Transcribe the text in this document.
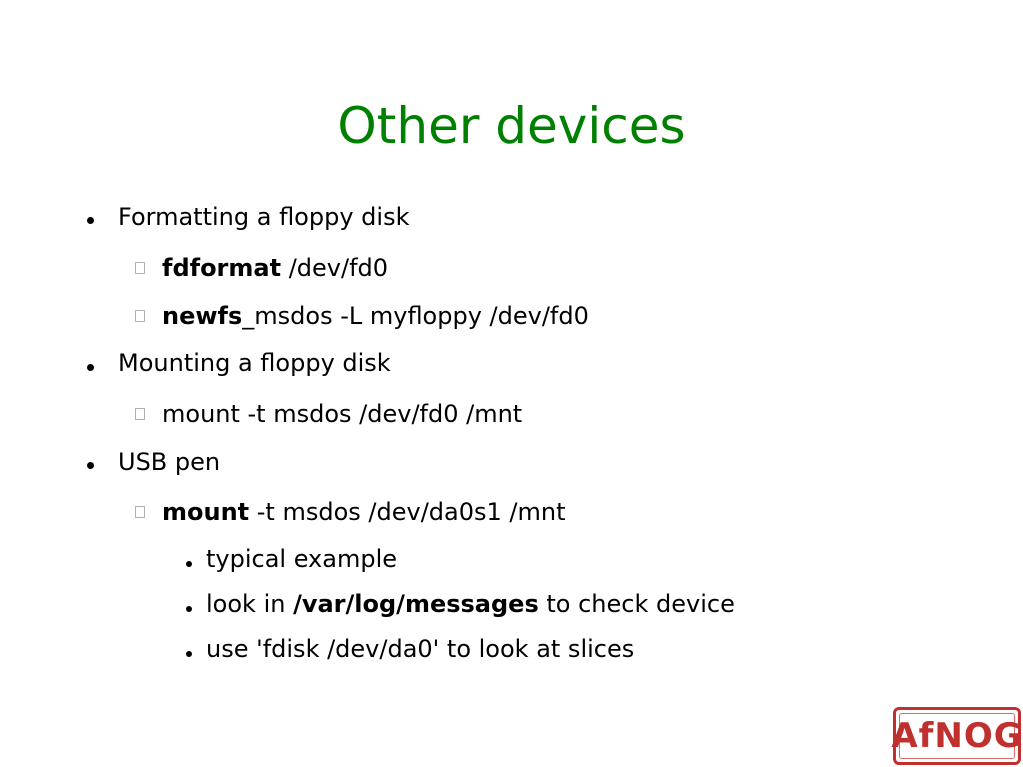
Other devices
Formatting a floppy disk
fdformat /dev/fd0
newfs_msdos -L myfloppy /dev/fd0
Mounting a floppy disk
mount -t msdos /dev/fd0 /mnt
USB pen
mount -t msdos /dev/da0s1 /mnt
typical example
look in /var/log/messages to check device
use 'fdisk /dev/da0' to look at slices
AfNOG
